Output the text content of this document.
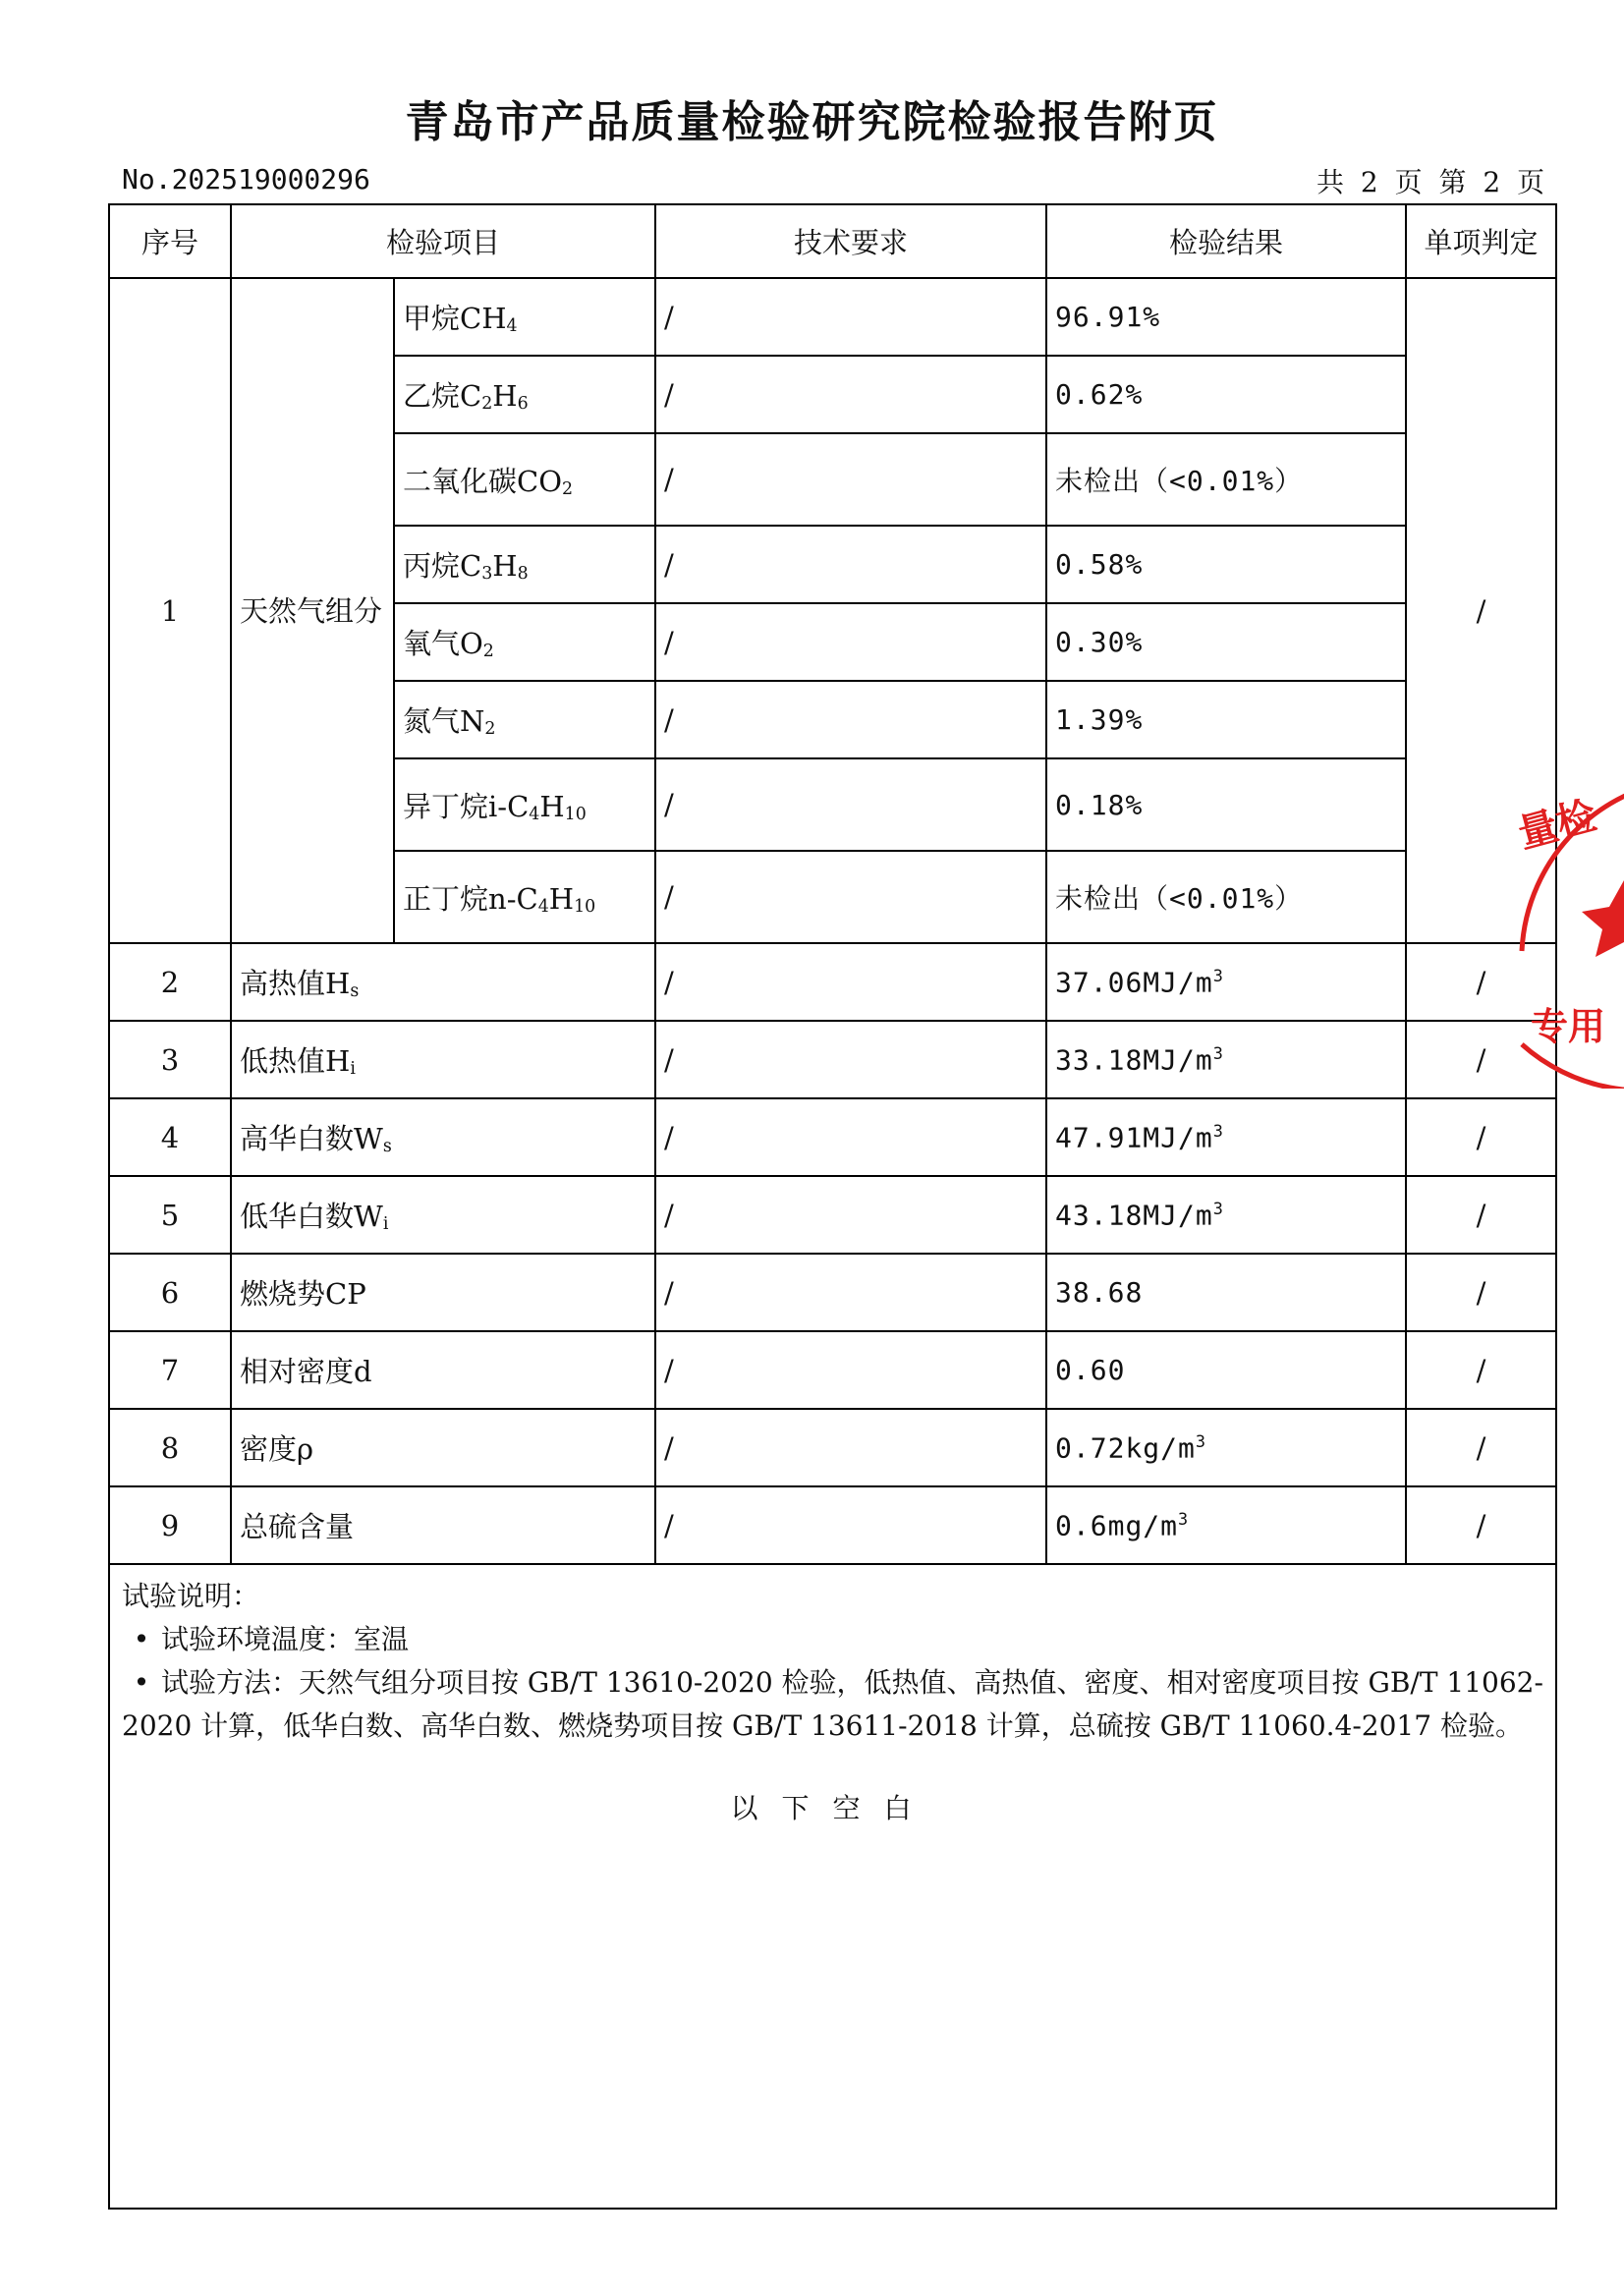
青岛市产品质量检验研究院检验报告附页
No.202519000296	共 2 页 第 2 页
序号	检验项目		技术要求	检验结果	单项判定
1	天然气组分	甲烷$CH_4$	/	96.91%	/
		乙烷$C_2H_6$	/	0.62%	
		二氧化碳$CO_2$	/	未检出（<0.01%）	
		丙烷$C_3H_8$	/	0.58%	
		氧气$O_2$	/	0.30%	
		氮气$N_2$	/	1.39%	
		异丁烷$i-C_4H_{10}$	/	0.18%	
		正丁烷$n-C_4H_{10}$	/	未检出（<0.01%）	
2	高热值$H_s$		/	$37.06MJ/m^3$	/
3	低热值$H_i$		/	$33.18MJ/m^3$	/
4	高华白数$W_s$		/	$47.91MJ/m^3$	/
5	低华白数$W_i$		/	$43.18MJ/m^3$	/
6	燃烧势CP		/	38.68	/
7	相对密度d		/	0.60	/
8	密度ρ		/	$0.72kg/m^3$	/
9	总硫含量		/	$0.6mg/m^3$	/

试验说明：

• 试验环境温度：室温

• 试验方法：天然气组分项目按 GB/T 13610-2020 检验，低热值、高热值、密度、相对密度项目按 GB/T 11062-2020 计算，低华白数、高华白数、燃烧势项目按 GB/T 13611-2018 计算，总硫按 GB/T 11060.4-2017 检验。

以下空白					

量检
专用
